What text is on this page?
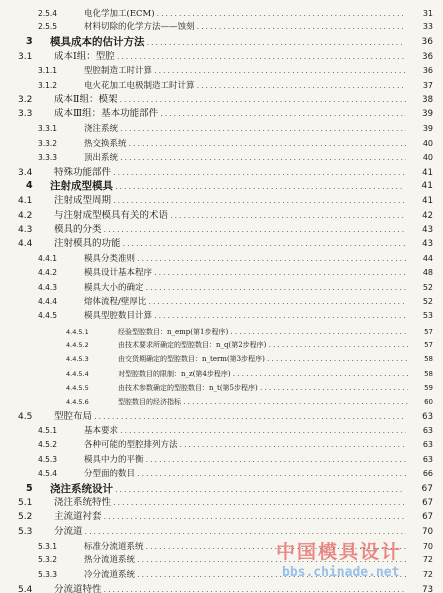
2.5.4	电化学加工(ECM) . . .	31
2.5.5	材料切除的化学方法——蚀刻 . . .	33
3 模具成本的估计方法 . . .	36
3.1 成本Ⅰ组：型腔 . . .	36
3.1.1	型腔制造工时计算 . . .	36
3.1.2	电火花加工电极制造工时计算 . . .	37
3.2 成本Ⅱ组：模架 . . .	38
3.3 成本Ⅲ组：基本功能部件 . . .	39
3.3.1	浇注系统 . . .	39
3.3.2	热交换系统 . . .	40
3.3.3	顶出系统 . . .	40
3.4 特殊功能部件 . . .	41
4 注射成型模具 . . .	41
4.1 注射成型周期 . . .	41
4.2 与注射成型模具有关的术语 . . .	42
4.3 模具的分类 . . .	43
4.4 注射模具的功能 . . .	43
4.4.1	模具分类准则 . . .	44
4.4.2	模具设计基本程序 . . .	48
4.4.3	模具大小的确定 . . .	52
4.4.4	熔体流程/壁厚比 . . .	52
4.4.5	模具型腔数目计算 . . .	53
4.4.5.1	经验型腔数目：n_emp(第1步程序) . . .	57
4.4.5.2	由技术要求所确定的型腔数目：n_q(第2步程序) . . .	57
4.4.5.3	由交货期确定的型腔数目：n_term(第3步程序) . . .	58
4.4.5.4	对型腔数目的限制：n_z(第4步程序) . . .	58
4.4.5.5	由技术参数确定的型腔数目：n_t(第5步程序) . . .	59
4.4.5.6	型腔数目的经济指标 . . .	60
4.5 型腔布局 . . .	63
4.5.1	基本要求 . . .	63
4.5.2	各种可能的型腔排列方法 . . .	63
4.5.3	模具中力的平衡 . . .	63
4.5.4	分型面的数目 . . .	66
5 浇注系统设计 . . .	67
5.1 浇注系统特性 . . .	67
5.2 主流道衬套 . . .	67
5.3 分流道 . . .	70
5.3.1	标准分流道系统 . . .	70
5.3.2	热分流道系统 . . .	72
5.3.3	冷分流道系统 . . .	72
5.4 分流道特性 . . .	73
中国模具设计
bbs.chinade.net
